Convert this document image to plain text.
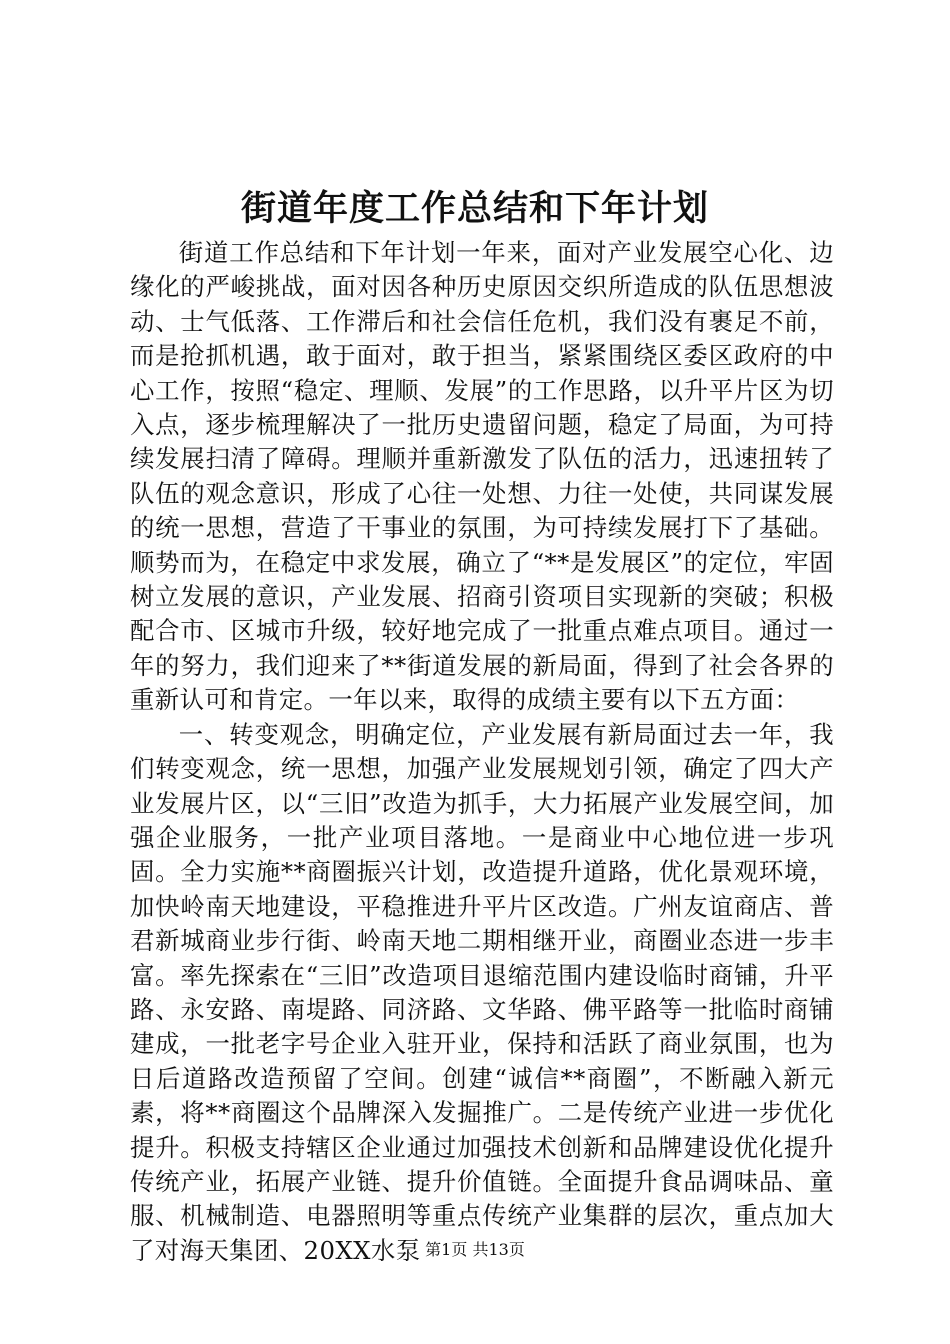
街道年度工作总结和下年计划

街道工作总结和下年计划一年来，面对产业发展空心化、边缘化的严峻挑战，面对因各种历史原因交织所造成的队伍思想波动、士气低落、工作滞后和社会信任危机，我们没有裹足不前，而是抢抓机遇，敢于面对，敢于担当，紧紧围绕区委区政府的中心工作，按照“稳定、理顺、发展”的工作思路，以升平片区为切入点，逐步梳理解决了一批历史遗留问题，稳定了局面，为可持续发展扫清了障碍。理顺并重新激发了队伍的活力，迅速扭转了队伍的观念意识，形成了心往一处想、力往一处使，共同谋发展的统一思想，营造了干事业的氛围，为可持续发展打下了基础。顺势而为，在稳定中求发展，确立了“**是发展区”的定位，牢固树立发展的意识，产业发展、招商引资项目实现新的突破；积极配合市、区城市升级，较好地完成了一批重点难点项目。通过一年的努力，我们迎来了**街道发展的新局面，得到了社会各界的重新认可和肯定。一年以来，取得的成绩主要有以下五方面：

一、转变观念，明确定位，产业发展有新局面过去一年，我们转变观念，统一思想，加强产业发展规划引领，确定了四大产业发展片区，以“三旧”改造为抓手，大力拓展产业发展空间，加强企业服务，一批产业项目落地。一是商业中心地位进一步巩固。全力实施**商圈振兴计划，改造提升道路，优化景观环境，加快岭南天地建设，平稳推进升平片区改造。广州友谊商店、普君新城商业步行街、岭南天地二期相继开业，商圈业态进一步丰富。率先探索在“三旧”改造项目退缩范围内建设临时商铺，升平路、永安路、南堤路、同济路、文华路、佛平路等一批临时商铺建成，一批老字号企业入驻开业，保持和活跃了商业氛围，也为日后道路改造预留了空间。创建“诚信**商圈”，不断融入新元素，将**商圈这个品牌深入发掘推广。二是传统产业进一步优化提升。积极支持辖区企业通过加强技术创新和品牌建设优化提升传统产业，拓展产业链、提升价值链。全面提升食品调味品、童服、机械制造、电器照明等重点传统产业集群的层次，重点加大了对海天集团、20XX水泵 第1页 共13页
